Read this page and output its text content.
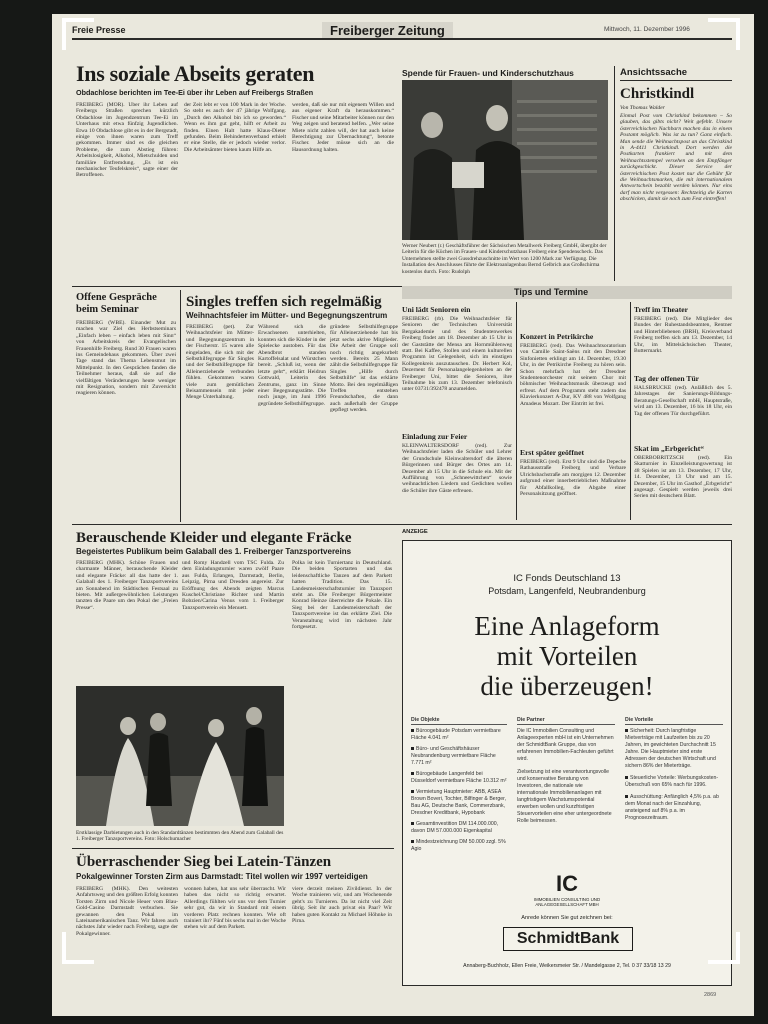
Freie Presse	Freiberger Zeitung	Mittwoch, 11. Dezember 1996
Ins soziale Abseits geraten
Obdachlose berichten im Tee-Ei über ihr Leben auf Freibergs Straßen
FREIBERG (MOR). Über ihr Leben auf Freibergs Straßen sprechen kürzlich Obdachlose im Jugendzentrum Tee-Ei im Unterhaus mit etwa fünfzig Jugendlichen. Etwa 10 Obdachlose gibt es in der Bergstadt, einige von ihnen waren zum Treff gekommen. Immer sind es die gleichen Probleme, die zum Abstieg führen: Arbeitslosigkeit, Alkohol, Mietschulden und familiäre Entfremdung. „Es ist ein mechanischer Teufelskreis“, sagte einer der Betroffenen.
der Zeit lebt er von 100 Mark in der Woche. So steht es auch der 47 jährige Wolfgang. „Durch den Alkohol bin ich so geworden.“ Wenn es ihm gut geht, hilft er Arbeit zu finden. Einen Halt hatte Klaus-Dieter gefunden. Beim Behindertenverband erhielt er eine Stelle, die er jedoch wieder verlor. Die Arbeitsämter bieten kaum Hilfe an.
werden, daß sie nur mit eigenem Willen und aus eigener Kraft da herauskommen.“ Fischer und seine Mitarbeiter können nur den Weg zeigen und beratend helfen. „Wer seine Miete nicht zahlen will, der hat auch keine Berechtigung zur Übernachtung“, betonte Fischer. Jeder müsse sich an die Hausordnung halten.
Spende für Frauen- und Kinderschutzhaus
Werner Neubert (r.) Geschäftsführer der Sächsischen Metallwerk Freiberg GmbH, übergibt der Leiterin für die Küchen im Frauen- und Kinderschutzhaus Freiberg eine Spendenscheck. Das Unternehmen stellte zwei Gussdrehzuschnitte im Wert von 1200 Mark zur Verfügung. Die Installation des Anschlusses führte der Elektroanlagenbau Bernd Gelbrich aus Großschirma kostenlos durch. Foto: Rudolph
Ansichtssache
Christkindl
Von Thomas Walder
Einmal Post vom Christkind bekommen – So glauben, das gibts nicht? Weit gefehlt. Unsere österreichischen Nachbarn machen das in einem Postamt möglich. Was ist zu tun? Ganz einfach. Man sende die Weihnachtspost an das Christkind in A-4411 Christkindl. Dort werden die Postkarten frankiert und mit dem Weihnachtsstempel versehen an den Empfänger zurückgeschickt. Dieser Service der österreichischen Post kostet nur die Gebühr für die Weihnachtsmarken, die mit internationalem Antwortschein bezahlt werden können. Nur eins darf man nicht vergessen: Rechtzeitig die Karten abschicken, damit sie noch zum Fest eintreffen!
Offene Gespräche beim Seminar
FREIBERG (WBE). Einander Mut zu machen war Ziel des Herbstseminars „Einfach leben – einfach leben mit Sinn“ von Arbeitskreis der Evangelischen Frauenhilfe Freiberg. Rund 30 Frauen waren ins Gemeindehaus gekommen. Über zwei Tage stand das Thema Lebensmut im Mittelpunkt. In den Gesprächen fanden die Teilnehmer heraus, daß sie auf die vielfältigen Veränderungen heute weniger mit Resignation, sondern mit Zuversicht reagieren können.
Singles treffen sich regelmäßig
Weihnachtsfeier im Mütter- und Begegnungszentrum
FREIBERG (pet). Zur Weihnachtsfeier im Mütter- und Begegnungszentrum in der Fischerstr. 15 waren alle eingeladen, die sich mit der Selbsthilfegruppe für Singles und der Selbsthilfegruppe für Alleinerziehende verbunden fühlen. Gekommen waren viele zum gemütlichen Beisammensein mit jeder Menge Unterhaltung.
Während sich die Erwachsenen unterhielten, konnten sich die Kinder in der Spielecke austoben. Für das Abendbrot standen Kartoffelsalat und Würstchen bereit. „Schluß ist, wenn der letzte geht“, erklärt Heidrun Gottwald, Leiterin des Zentrums, ganz im Sinne einer Begegnungsstätte. Die noch junge, im Juni 1996 gegründete Selbsthilfegruppe.
gründete Selbsthilfegruppe für Alleinerziehende hat bis jetzt sechs aktive Mitglieder. Die Arbeit der Gruppe soll noch richtig angekurbelt werden. Bereits 25 Mann zählt die Selbsthilfegruppe für Singles „Hilfe durch Selbsthilfe“ ist das erklärte Motto. Bei den regelmäßigen Treffen entstehen Freundschaften, die dann auch außerhalb der Gruppe gepflegt werden.
Tips und Termine
Uni lädt Senioren ein
FREIBERG (rb). Die Weihnachtsfeier für Senioren der Technischen Universität Bergakademie und des Studentenwerkes Freiberg findet am 18. Dezember ab 15 Uhr in der Gaststätte der Mensa am Hornmühlenweg statt. Bei Kaffee, Stollen und einem kulturellen Programm ist Gelegenheit, sich im einstigen Kollegenkreis auszutauschen. Dr. Herbert Kol, Dezernent für Personalangelegenheiten an der Freiberger Uni, bittet die Senioren, ihre Teilnahme bis zum 13. Dezember telefonisch unter 03731/392478 anzumelden.
Einladung zur Feier
KLEINWALTERSDORF (red). Zur Weihnachtsfeier laden die Schüler und Lehrer der Grundschule Kleinwaltersdorf die älteren Bürgerinnen und Bürger des Ortes am 14. Dezember ab 15 Uhr in die Schule ein. Mit der Aufführung von „Schneewittchen“ sowie weihnachtlichen Liedern und Gedichten wollen die Schüler ihre Gäste erfreuen.
Konzert in Petrikirche
FREIBERG (red). Das Weihnachtsoratorium von Camille Saint-Saëns mit den Dresdner Sinfonietten erklingt am 14. Dezember, 19.30 Uhr, in der Petrikirche Freiberg zu hören sein. Schon mehrfach hat der Dresdner Studentenorchester mit seinem Chor mit böhmischer Weihnachtsmusik überzeugt und erfreut. Auf dem Programm steht zudem das Klavierkonzert A-Dur, KV 488 von Wolfgang Amadeus Mozart. Der Eintritt ist frei.
Erst später geöffnet
FREIBERG (red). Erst 9 Uhr sind die Depeche Rathausstraße Freiberg und Verbare Ulrichsbachstraße am morgigen 12. Dezember aufgrund einer innerbetrieblichen Maßnahme für Abfallkolleg, die Abgabe einer Personalsitzung geöffnet.
Treff im Theater
FREIBERG (red). Die Mitglieder des Bundes der Ruhestandsbeamten, Rentner und Hinterbliebenen (BRH), Kreisverband Freiberg treffen sich am 13. Dezember, 14 Uhr, im Mittelsächsischen Theater, Buttermarkt.
Tag der offenen Tür
HALSBRÜCKE (red). Anläßlich des 5. Jahrestages der Sanierungs-Bildungs-Beratungs-Gesellschaft mbH, Hauptstraße, wird am 13. Dezember, 16 bis 18 Uhr, ein Tag der offenen Tür durchgeführt.
Skat im „Erbgericht“
OBERBOBRITZSCH (red). Ein Skatturnier in Einzelleistungswertung ist 48 Spielen ist am 13. Dezember, 17 Uhr, 14. Dezember, 13 Uhr und am 15. Dezember, 15 Uhr im Gasthof „Erbgericht“ angesagt. Gespielt werden jeweils drei Serien mit deutschem Blatt.
Berauschende Kleider und elegante Fräcke
Begeistertes Publikum beim Galaball des 1. Freiberger Tanzsportvereins
FREIBERG (MHK). Schöne Frauen und charmante Männer, berauschende Kleider und elegante Fräcke: all das hatte der 1. Galaball des 1. Freiberger Tanzsportvereins am Sonnabend im Städtischen Festsaal zu bieten. Mit außergewöhnlichen Leistungen tanzten die Paare um den Pokal der „Freien Presse“.
und Romy Handzell vom TSC Fulda. Zu dem Einladungsturnier waren zwölf Paare aus Fulda, Erlangen, Darmstadt, Berlin, Leipzig, Pirna und Dresden angereist. Zur Eröffnung des Abends zeigten Marcus Kuschel/Christiane Richter und Martin Bobzien/Carina Venus vom 1. Freiberger Tanzsportverein ein Menuett.
Polka ist kein Turniertanz in Deutschland. Die beiden Sportarten und das leidenschaftliche Tanzen auf dem Parkett hatten Tradition. Das 15. Landesmeisterschaftsturnier im Tanzsport steht an. Die Freiberger Bürgermeister Konrad Heinze überreichte die Pokale. Ein Sieg bei der Landesmeisterschaft der Tanzsportvereine ist das erklärte Ziel. Die Veranstaltung wird im nächsten Jahr fortgesetzt.
Erstklassige Darbietungen auch in den Standardtänzen bestimmten den Abend zum Galaball des 1. Freiberger Tanzsportvereins. Foto: Holschumacher
Überraschender Sieg bei Latein-Tänzen
Pokalgewinner Torsten Zirm aus Darmstadt: Titel wollen wir 1997 verteidigen
FREIBERG (MHK). Den weitesten Anfahrtsweg und den größten Erfolg konnten Torsten Zirm und Nicole Heuer vom Blau-Gold-Casino Darmstadt verbuchen. Sie gewannen den Pokal im Lateinamerikanischen Tanz. Wir fahren auch nächstes Jahr wieder nach Freiberg, sagte der Pokalgewinner.
wonnen haben, hat uns sehr überrascht. Wir haben das nicht so richtig erwartet. Allerdings fühlten wir uns vor dem Turnier sehr gut, da wir in Standard mit einem vorderen Platz rechnen konnten. Wie oft trainiert ihr? Fünf bis sechs mal in der Woche stehen wir auf dem Parkett.
viere derzeit meinen Zivildienst. In der Woche trainieren wir, und am Wochenende geht's zu Turnieren. Da ist nicht viel Zeit übrig. Seit ihr auch privat ein Paar? Wir haben guten Kontakt zu Michael Höhnke in Pirna.
ANZEIGE
IC Fonds Deutschland 13
Potsdam, Langenfeld, Neubrandenburg
Eine Anlageform
mit Vorteilen
die überzeugen!
Die Objekte
Büroogebäude Potsdam vermietbare Fläche 4.041 m²
Büro- und Geschäftshäuser Neubrandenburg vermietbare Fläche 7.771 m²
Bürogebäude Langenfeld bei Düsseldorf vermietbare Fläche 10.312 m²
Vermietung Hauptmieter: ABB, ASEA Brown Boveri, Tochter, Bilfinger & Berger, Bau AG, Deutsche Bank, Commerzbank, Dresdner Kreditbank, Hypobank
Gesamtinvestition DM 114.000.000, davon DM 57.000.000 Eigenkapital
Mindestzeichnung DM 50.000 zzgl. 5% Agio
Die Partner
Die IC Immobilien Consulting und Anlageexperten mbH ist ein Unternehmen der SchmidtBank Gruppe, das von erfahrenen Immobilien-Fachleuten geführt wird.
Zielsetzung ist eine verantwortungsvolle und konservative Beratung von Investoren, die nationale wie internationale Immobilienanlagen mit langfristigem Wachstumspotential erwerben wollen und kurzfristigen Steuervorteilen eine eher untergeordnete Rolle beimessen.
Die Vorteile
Sicherheit: Durch langfristige Mietverträge mit Laufzeiten bis zu 20 Jahren, im gewichteten Durchschnitt 15 Jahre. Die Hauptmieter sind erste Adressen der deutschen Wirtschaft und sichern 86% der Mieterträge.
Steuerliche Vorteile: Werbungskosten-Überschuß von 65% nach für 1996.
Ausschüttung: Anfänglich 4,5% p.a. ab dem Monat nach der Einzahlung, ansteigend auf 8% p.a. im Prognosezeitraum.
IC
IMMOBILIEN CONSULTING UND ANLAGEGESELLSCHAFT MBH
Anrede können Sie gut zeichnen bei:
SchmidtBank
Annaberg-Buchholz, Ellen Freie, Weikersmeier Str. / Mandelgasse 2, Tel. 0 37 33/18 13 29
2869
